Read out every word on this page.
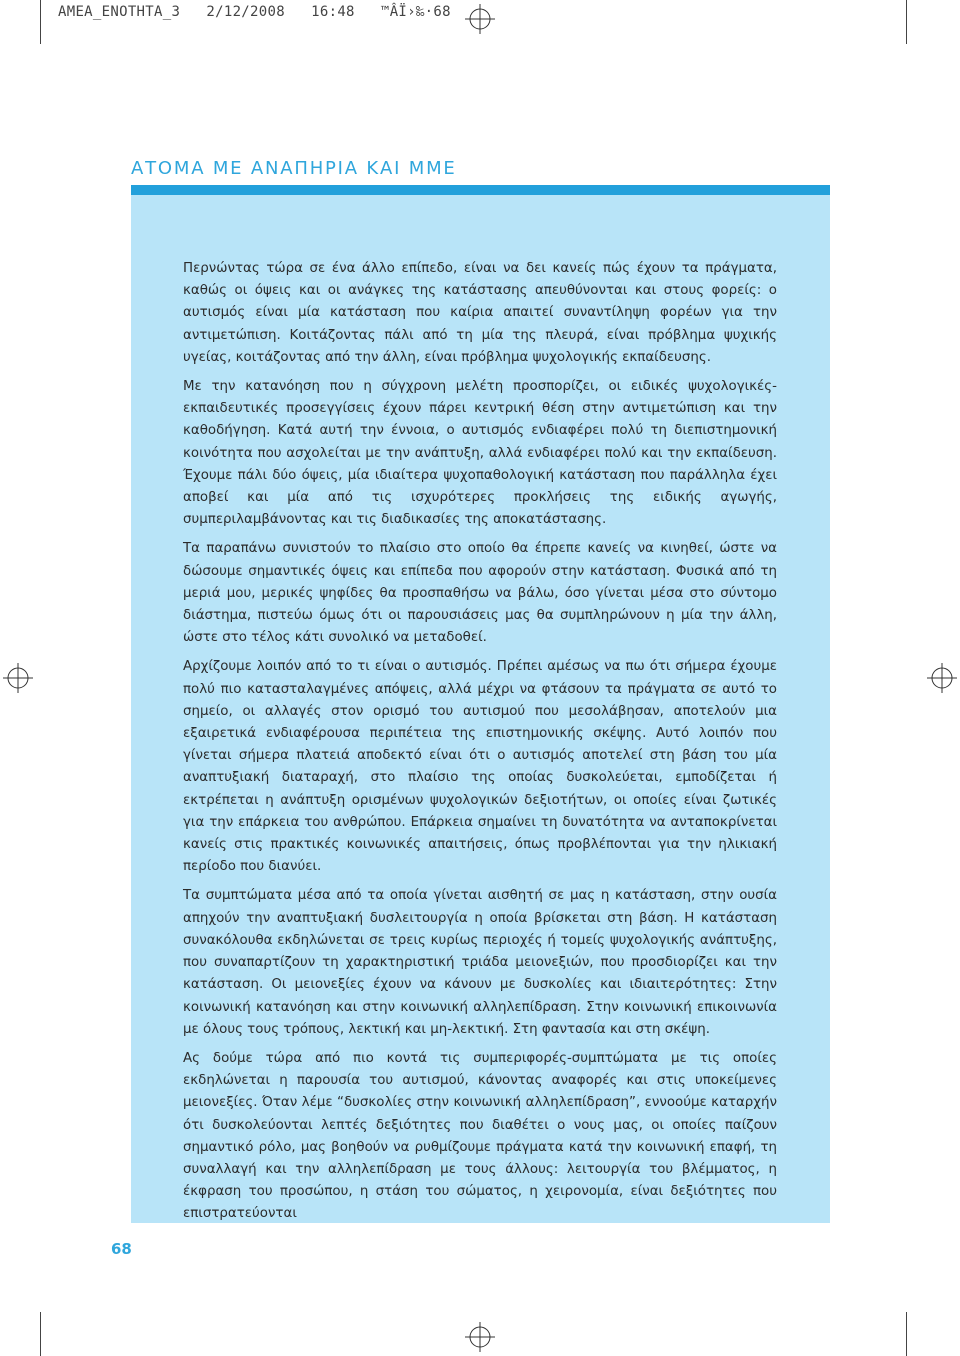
AMEA_ENOTHTA_3   2/12/2008   16:48   ™ÂÏ›‰·68
ΑΤΟΜΑ ΜΕ ΑΝΑΠΗΡΙΑ ΚΑΙ ΜΜΕ

Περνώντας τώρα σε ένα άλλο επίπεδο, είναι να δει κανείς πώς έχουν τα πράγματα, καθώς οι όψεις και οι ανάγκες της κατάστασης απευθύνονται και στους φορείς: ο αυτισμός είναι μία κατάσταση που καίρια απαιτεί συναντίληψη φορέων για την αντιμετώπιση. Κοιτάζοντας πάλι από τη μία της πλευρά, είναι πρόβλημα ψυχικής υγείας, κοιτάζοντας από την άλλη, είναι πρόβλημα ψυχολογικής εκπαίδευσης.

Με την κατανόηση που η σύγχρονη μελέτη προσπορίζει, οι ειδικές ψυχολογικές-εκπαιδευτικές προσεγγίσεις έχουν πάρει κεντρική θέση στην αντιμετώπιση και την καθοδήγηση. Κατά αυτή την έννοια, ο αυτισμός ενδιαφέρει πολύ τη διεπιστημονική κοινότητα που ασχολείται με την ανάπτυξη, αλλά ενδιαφέρει πολύ και την εκπαίδευση. Έχουμε πάλι δύο όψεις, μία ιδιαίτερα ψυχοπαθολογική κατάσταση που παράλληλα έχει αποβεί και μία από τις ισχυρότερες προκλήσεις της ειδικής αγωγής, συμπεριλαμβάνοντας και τις διαδικασίες της αποκατάστασης.

Τα παραπάνω συνιστούν το πλαίσιο στο οποίο θα έπρεπε κανείς να κινηθεί, ώστε να δώσουμε σημαντικές όψεις και επίπεδα που αφορούν στην κατάσταση. Φυσικά από τη μεριά μου, μερικές ψηφίδες θα προσπαθήσω να βάλω, όσο γίνεται μέσα στο σύντομο διάστημα, πιστεύω όμως ότι οι παρουσιάσεις μας θα συμπληρώνουν η μία την άλλη, ώστε στο τέλος κάτι συνολικό να μεταδοθεί.

Αρχίζουμε λοιπόν από το τι είναι ο αυτισμός. Πρέπει αμέσως να πω ότι σήμερα έχουμε πολύ πιο κατασταλαγμένες απόψεις, αλλά μέχρι να φτάσουν τα πράγματα σε αυτό το σημείο, οι αλλαγές στον ορισμό του αυτισμού που μεσολάβησαν, αποτελούν μια εξαιρετικά ενδιαφέρουσα περιπέτεια της επιστημονικής σκέψης. Αυτό λοιπόν που γίνεται σήμερα πλατειά αποδεκτό είναι ότι ο αυτισμός αποτελεί στη βάση του μία αναπτυξιακή διαταραχή, στο πλαίσιο της οποίας δυσκολεύεται, εμποδίζεται ή εκτρέπεται η ανάπτυξη ορισμένων ψυχολογικών δεξιοτήτων, οι οποίες είναι ζωτικές για την επάρκεια του ανθρώπου. Επάρκεια σημαίνει τη δυνατότητα να ανταποκρίνεται κανείς στις πρακτικές κοινωνικές απαιτήσεις, όπως προβλέπονται για την ηλικιακή περίοδο που διανύει.

Τα συμπτώματα μέσα από τα οποία γίνεται αισθητή σε μας η κατάσταση, στην ουσία απηχούν την αναπτυξιακή δυσλειτουργία η οποία βρίσκεται στη βάση. Η κατάσταση συνακόλουθα εκδηλώνεται σε τρεις κυρίως περιοχές ή τομείς ψυχολογικής ανάπτυξης, που συναπαρτίζουν τη χαρακτηριστική τριάδα μειονεξιών, που προσδιορίζει και την κατάσταση. Οι μειονεξίες έχουν να κάνουν με δυσκολίες και ιδιαιτερότητες: Στην κοινωνική κατανόηση και στην κοινωνική αλληλεπίδραση. Στην κοινωνική επικοινωνία με όλους τους τρόπους, λεκτική και μη-λεκτική. Στη φαντασία και στη σκέψη.

Ας δούμε τώρα από πιο κοντά τις συμπεριφορές-συμπτώματα με τις οποίες εκδηλώνεται η παρουσία του αυτισμού, κάνοντας αναφορές και στις υποκείμενες μειονεξίες. Όταν λέμε “δυσκολίες στην κοινωνική αλληλεπίδραση”, εννοούμε καταρχήν ότι δυσκολεύονται λεπτές δεξιότητες που διαθέτει ο νους μας, οι οποίες παίζουν σημαντικό ρόλο, μας βοηθούν να ρυθμίζουμε πράγματα κατά την κοινωνική επαφή, τη συναλλαγή και την αλληλεπίδραση με τους άλλους: λειτουργία του βλέμματος, η έκφραση του προσώπου, η στάση του σώματος, η χειρονομία, είναι δεξιότητες που επιστρατεύονται

68
